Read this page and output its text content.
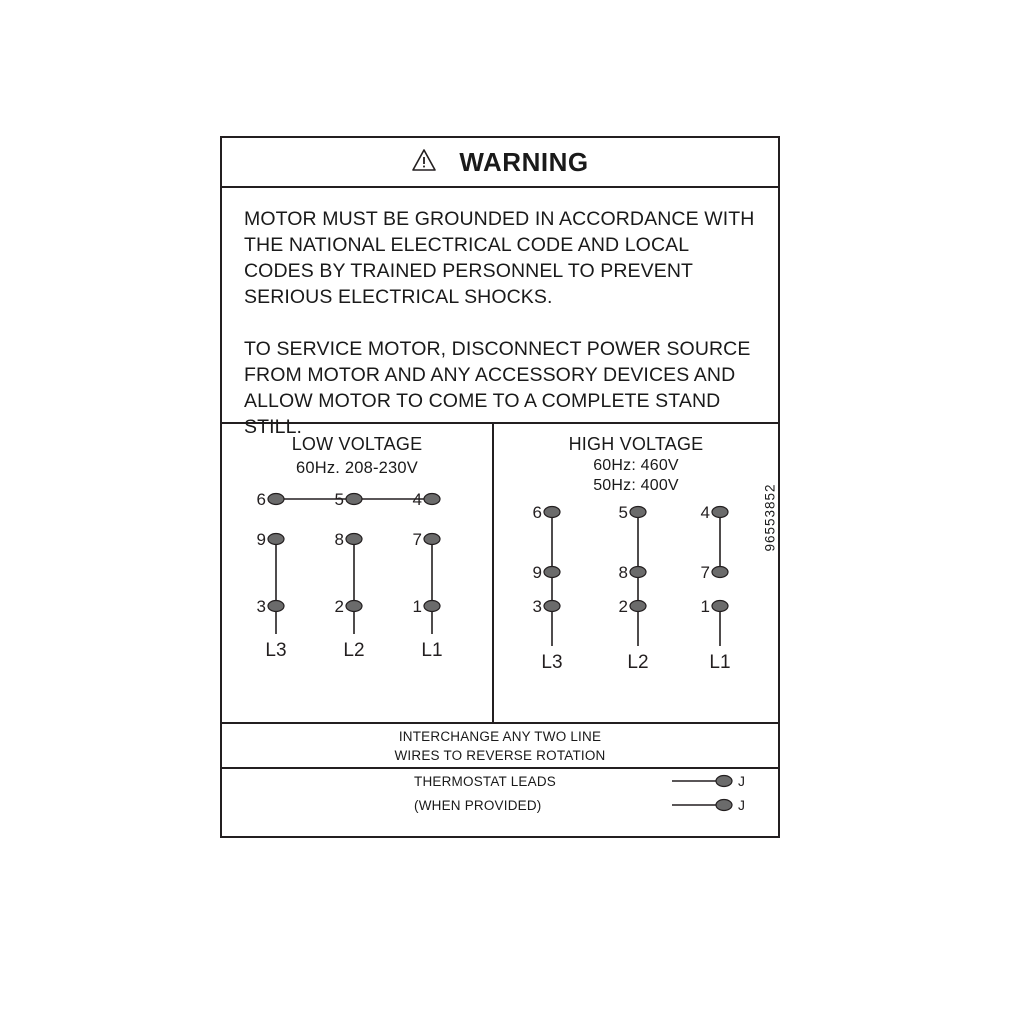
WARNING

MOTOR MUST BE GROUNDED IN ACCORDANCE WITH THE NATIONAL ELECTRICAL CODE AND LOCAL CODES BY TRAINED PERSONNEL TO PREVENT SERIOUS ELECTRICAL SHOCKS.

TO SERVICE MOTOR, DISCONNECT POWER SOURCE FROM MOTOR AND ANY ACCESSORY DEVICES AND ALLOW MOTOR TO COME TO A COMPLETE STAND STILL.

LOW VOLTAGE
60Hz. 208-230V
6	5	4
9	8	7
3	2	1
L3	L2	L1
HIGH VOLTAGE
60Hz: 460V
50Hz: 400V
6	5	4
9	8	7
3	2	1
L3	L2	L1
INTERCHANGE ANY TWO LINE
WIRES TO REVERSE ROTATION
THERMOSTAT LEADS
(WHEN PROVIDED)
J
J
96553852
